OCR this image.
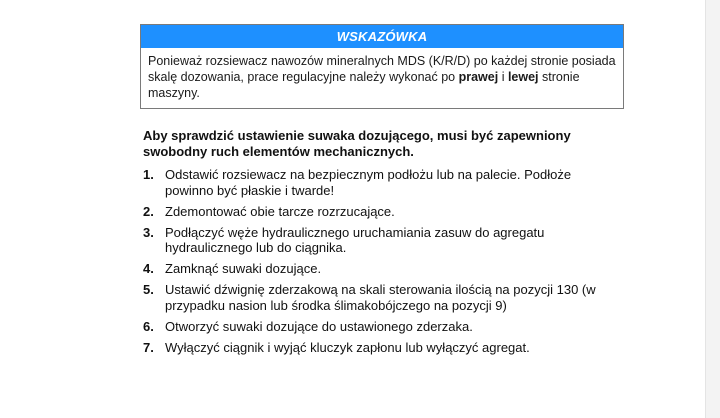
WSKAZÓWKA
Ponieważ rozsiewacz nawozów mineralnych MDS (K/R/D) po każdej stronie posiada skalę dozowania, prace regulacyjne należy wykonać po prawej i lewej stronie maszyny.
Aby sprawdzić ustawienie suwaka dozującego, musi być zapewniony swobodny ruch elementów mechanicznych.
1. Odstawić rozsiewacz na bezpiecznym podłożu lub na palecie. Podłoże powinno być płaskie i twarde!
2. Zdemontować obie tarcze rozrzucające.
3. Podłączyć węże hydraulicznego uruchamiania zasuw do agregatu hydraulicznego lub do ciągnika.
4. Zamknąć suwaki dozujące.
5. Ustawić dźwignię zderzakową na skali sterowania ilością na pozycji 130 (w przypadku nasion lub środka ślimakobójczego na pozycji 9)
6. Otworzyć suwaki dozujące do ustawionego zderzaka.
7. Wyłączyć ciągnik i wyjąć kluczyk zapłonu lub wyłączyć agregat.
